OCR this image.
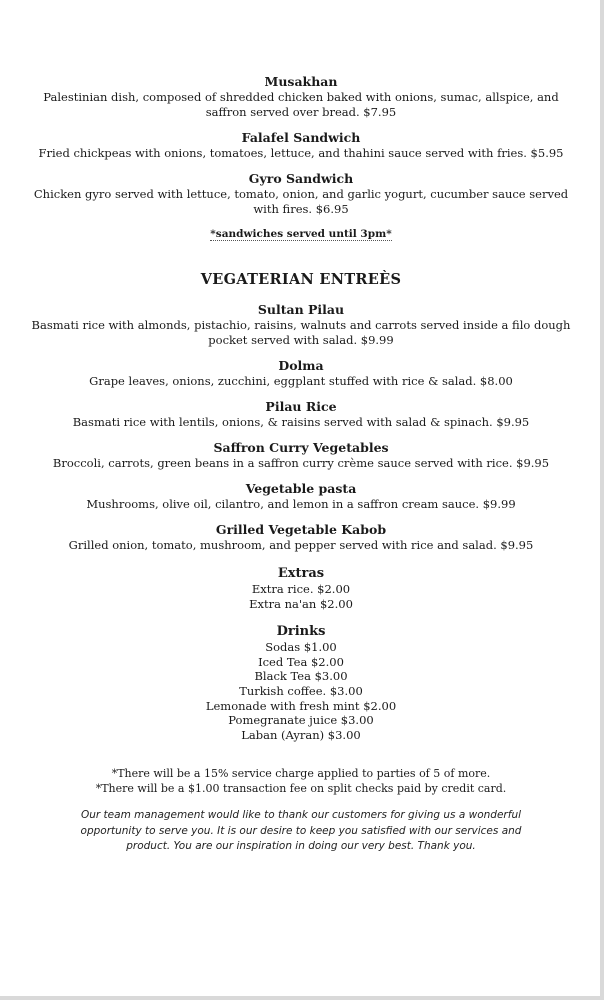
Musakhan
Palestinian dish, composed of shredded chicken baked with onions, sumac, allspice, and saffron served over bread. $7.95
Falafel Sandwich
Fried chickpeas with onions, tomatoes, lettuce, and thahini sauce served with fries. $5.95
Gyro Sandwich
Chicken gyro served with lettuce, tomato, onion, and garlic yogurt, cucumber sauce served with fires. $6.95
*sandwiches served until 3pm*
VEGATERIAN ENTREÈS
Sultan Pilau
Basmati rice with almonds, pistachio, raisins, walnuts and carrots served inside a filo dough pocket served with salad. $9.99
Dolma
Grape leaves, onions, zucchini, eggplant stuffed with rice & salad. $8.00
Pilau Rice
Basmati rice with lentils, onions, & raisins served with salad & spinach. $9.95
Saffron Curry Vegetables
Broccoli, carrots, green beans in a saffron curry crème sauce served with rice. $9.95
Vegetable pasta
Mushrooms, olive oil, cilantro, and lemon in a saffron cream sauce. $9.99
Grilled Vegetable Kabob
Grilled onion, tomato, mushroom, and pepper served with rice and salad. $9.95
Extras
Extra rice. $2.00
Extra na'an $2.00
Drinks
Sodas $1.00
Iced Tea $2.00
Black Tea $3.00
Turkish coffee. $3.00
Lemonade with fresh mint $2.00
Pomegranate juice $3.00
Laban (Ayran) $3.00
*There will be a 15% service charge applied to parties of 5 of more.
*There will be a $1.00 transaction fee on split checks paid by credit card.
Our team management would like to thank our customers for giving us a wonderful opportunity to serve you. It is our desire to keep you satisfied with our services and product. You are our inspiration in doing our very best. Thank you.
